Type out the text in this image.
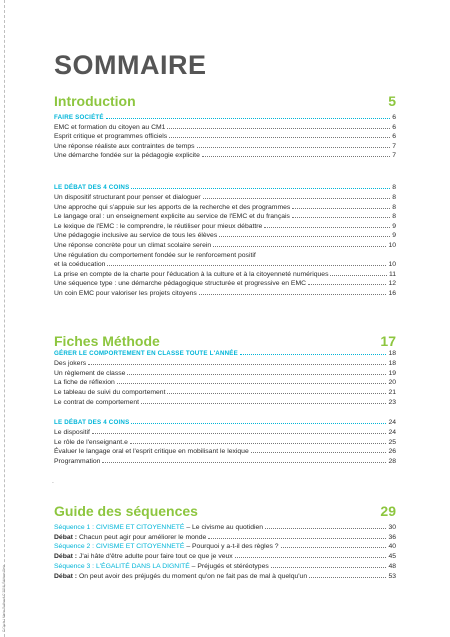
© Cycle / Marie Guilbault © 2016, Éditions Retz
SOMMAIRE
Introduction	5
FAIRE SOCIÉTÉ	6
EMC et formation du citoyen au CM1	6
Esprit critique et programmes officiels	6
Une réponse réaliste aux contraintes de temps	7
Une démarche fondée sur la pédagogie explicite	7
LE DÉBAT DES 4 COINS	8
Un dispositif structurant pour penser et dialoguer	8
Une approche qui s'appuie sur les apports de la recherche et des programmes	8
Le langage oral : un enseignement explicite au service de l'EMC et du français	8
Le lexique de l'EMC : le comprendre, le réutiliser pour mieux débattre	9
Une pédagogie inclusive au service de tous les élèves	9
Une réponse concrète pour un climat scolaire serein	10
Une régulation du comportement fondée sur le renforcement positif
et la coéducation	10
La prise en compte de la charte pour l'éducation à la culture et à la citoyenneté numériques	11
Une séquence type : une démarche pédagogique structurée et progressive en EMC	12
Un coin EMC pour valoriser les projets citoyens	16
Fiches Méthode	17
GÉRER LE COMPORTEMENT EN CLASSE TOUTE L'ANNÉE	18
Des jokers	18
Un règlement de classe	19
La fiche de réflexion	20
Le tableau de suivi du comportement	21
Le contrat de comportement	23
LE DÉBAT DES 4 COINS	24
Le dispositif	24
Le rôle de l'enseignant.e	25
Évaluer le langage oral et l'esprit critique en mobilisant le lexique	26
Programmation	28
.
Guide des séquences	29
Séquence 1 : CIVISME ET CITOYENNETÉ – Le civisme au quotidien	30
Débat : Chacun peut agir pour améliorer le monde	36
Séquence 2 : CIVISME ET CITOYENNETÉ – Pourquoi y a-t-il des règles ?	40
Débat : J'ai hâte d'être adulte pour faire tout ce que je veux	45
Séquence 3 : L'ÉGALITÉ DANS LA DIGNITÉ – Préjugés et stéréotypes	48
Débat : On peut avoir des préjugés du moment qu'on ne fait pas de mal à quelqu'un	53
